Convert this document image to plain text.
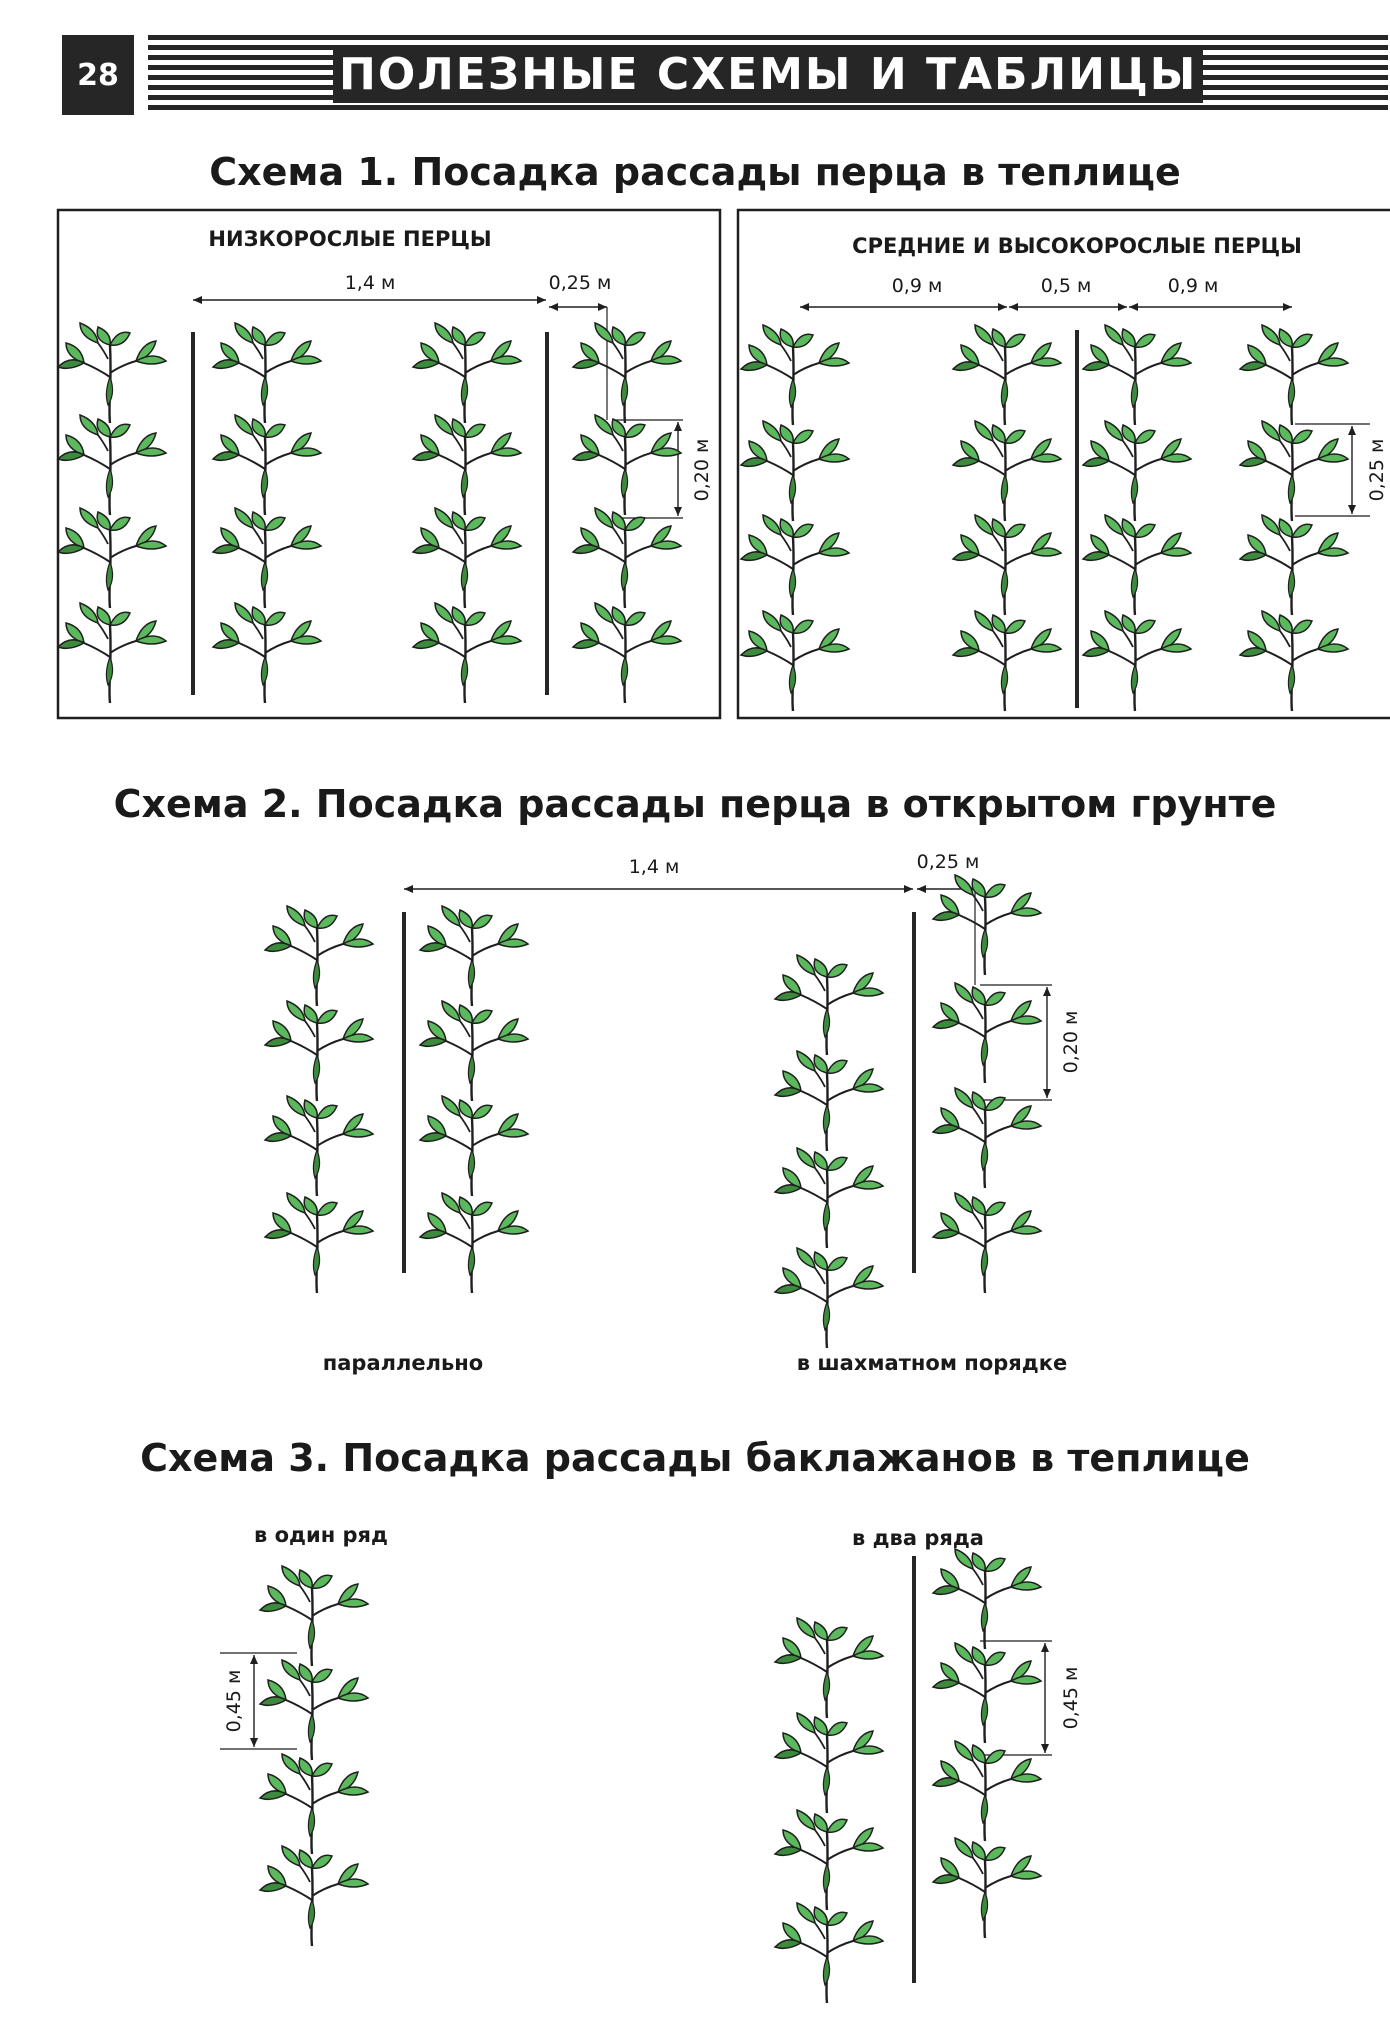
28	ПОЛЕЗНЫЕ СХЕМЫ И ТАБЛИЦЫ
Схема 1. Посадка рассады перца в теплице
Схема 2. Посадка рассады перца в открытом грунте
Схема 3. Посадка рассады баклажанов в теплице
НИЗКОРОСЛЫЕ ПЕРЦЫ	СРЕДНИЕ И ВЫСОКОРОСЛЫЕ ПЕРЦЫ
1,4 м	0,25 м
0,20 м
0,9 м	0,5 м	0,9 м
0,25 м
1,4 м	0,25 м
0,20 м
параллельно	в шахматном порядке
в один ряд	в два ряда
0,45 м	0,45 м
